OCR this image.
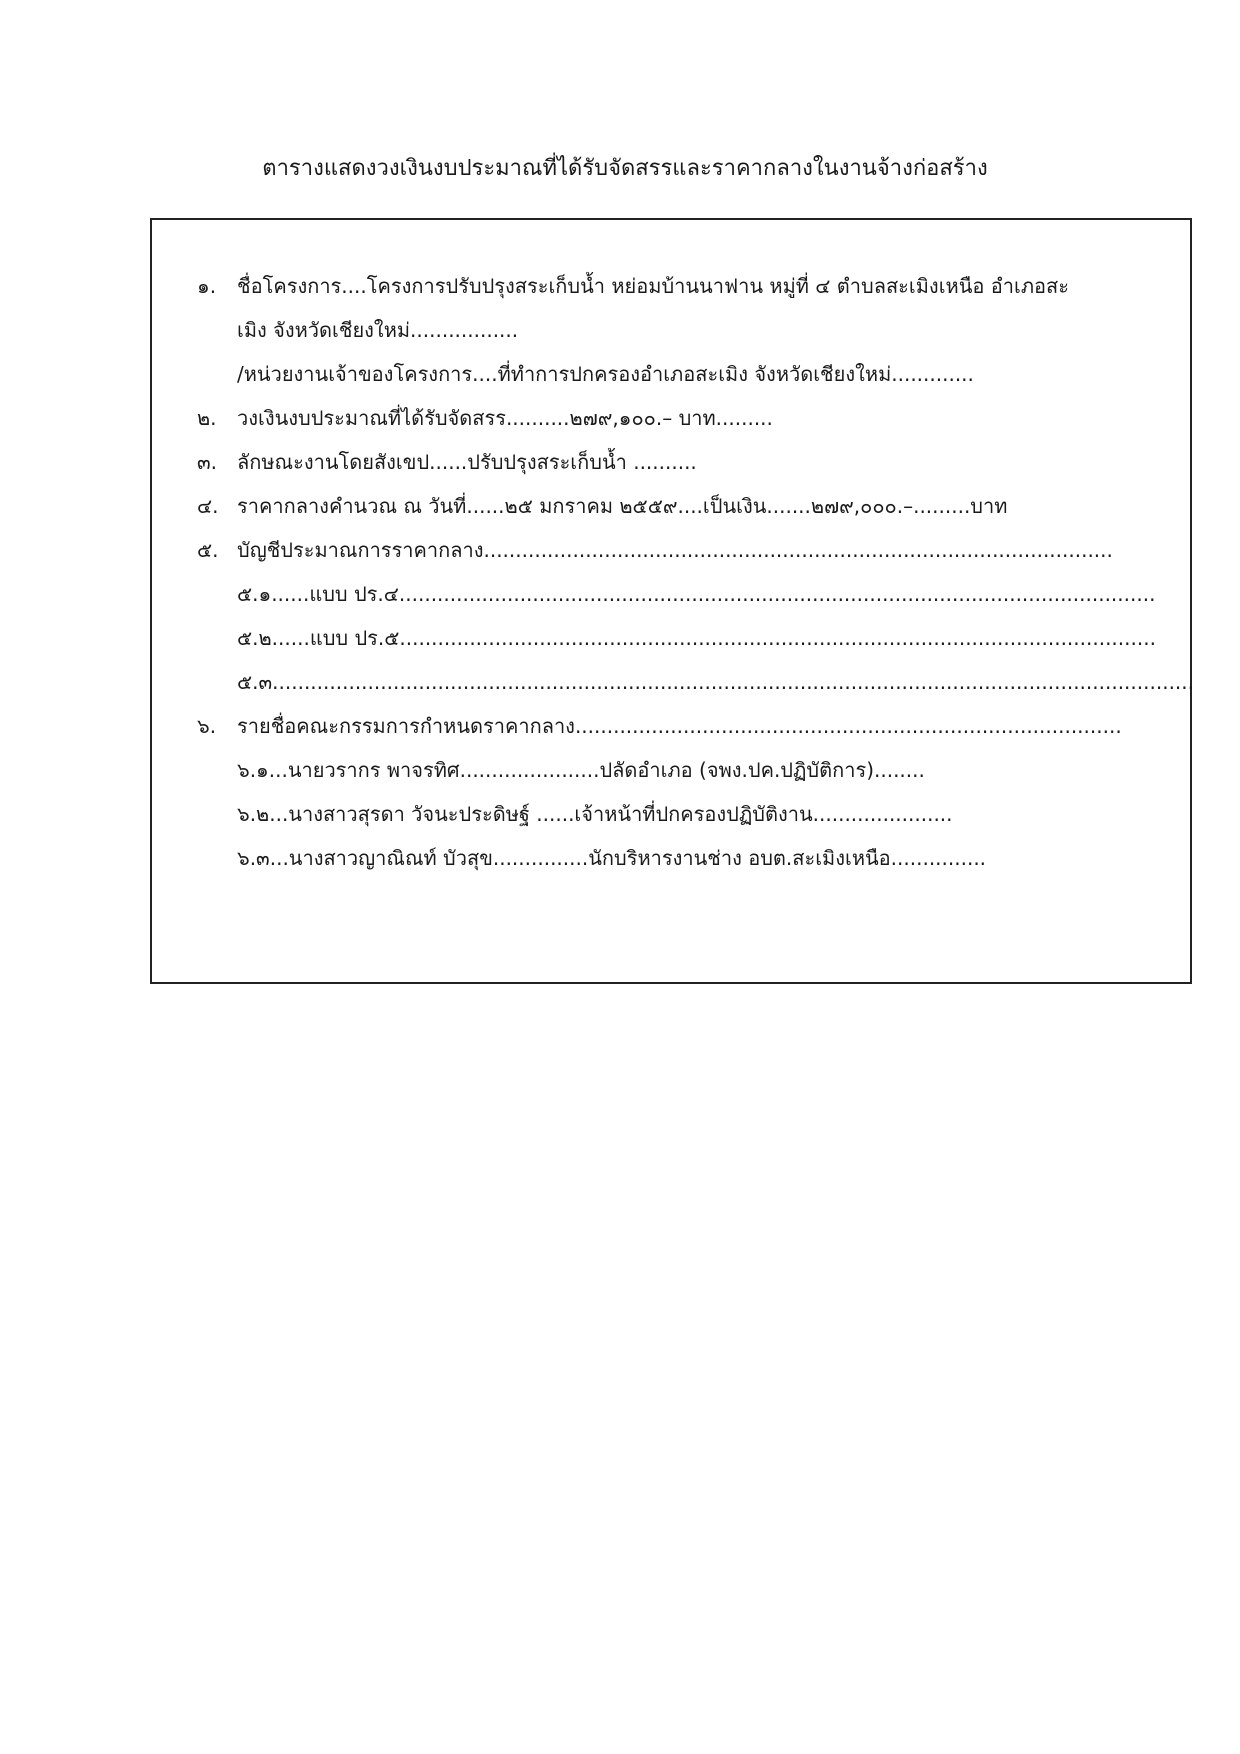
ตารางแสดงวงเงินงบประมาณที่ได้รับจัดสรรและราคากลางในงานจ้างก่อสร้าง
๑. ชื่อโครงการ....โครงการปรับปรุงสระเก็บน้ำ หย่อมบ้านนาฟาน หมู่ที่ ๔ ตำบลสะเมิงเหนือ อำเภอสะ
เมิง จังหวัดเชียงใหม่.................
/หน่วยงานเจ้าของโครงการ....ที่ทำการปกครองอำเภอสะเมิง จังหวัดเชียงใหม่.............
๒. วงเงินงบประมาณที่ได้รับจัดสรร..........๒๗๙,๑๐๐.– บาท.........
๓. ลักษณะงานโดยสังเขป......ปรับปรุงสระเก็บน้ำ ..........
๔. ราคากลางคำนวณ ณ วันที่......๒๕ มกราคม ๒๕๕๙....เป็นเงิน.......๒๗๙,๐๐๐.–.........บาท
๕. บัญชีประมาณการราคากลาง...................................................................................................
๕.๑......แบบ ปร.๔.......................................................................................................................
๕.๒......แบบ ปร.๕.......................................................................................................................
๕.๓.................................................................................................................................................
๖. รายชื่อคณะกรรมการกำหนดราคากลาง......................................................................................
๖.๑...นายวรากร พาจรทิศ......................ปลัดอำเภอ (จพง.ปค.ปฏิบัติการ)........
๖.๒...นางสาวสุรดา วัจนะประดิษฐ์ ......เจ้าหน้าที่ปกครองปฏิบัติงาน......................
๖.๓...นางสาวญาณิณท์ บัวสุข...............นักบริหารงานช่าง อบต.สะเมิงเหนือ...............
